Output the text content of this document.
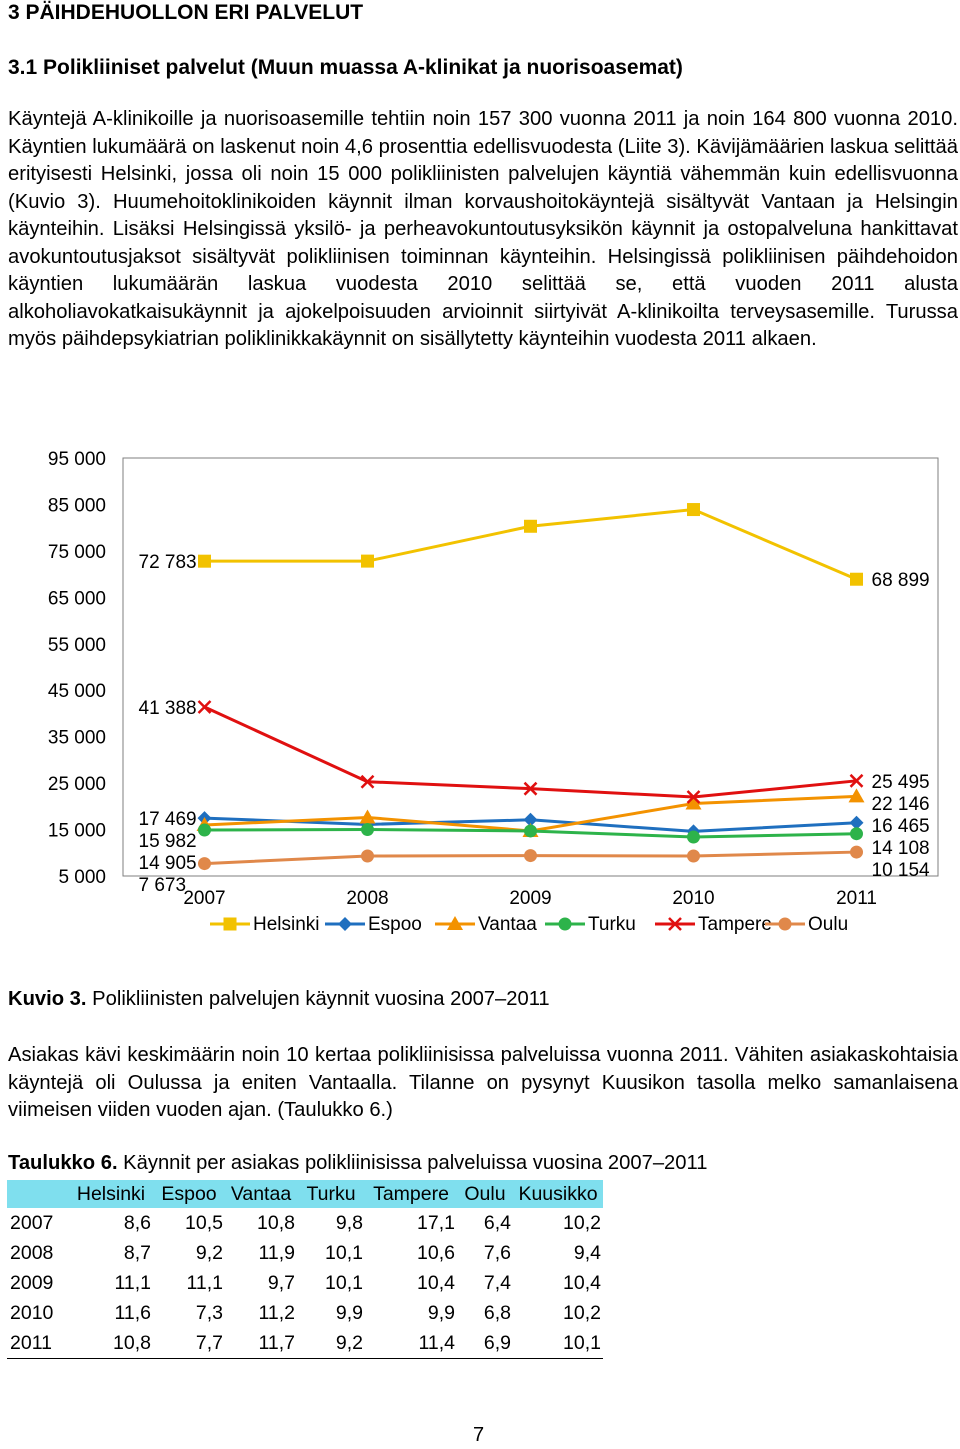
3 PÄIHDEHUOLLON ERI PALVELUT
3.1 Polikliiniset palvelut (Muun muassa A-klinikat ja nuorisoasemat)
Käyntejä A-klinikoille ja nuorisoasemille tehtiin noin 157 300 vuonna 2011 ja noin 164 800 vuonna 2010. Käyntien lukumäärä on laskenut noin 4,6 prosenttia edellisvuodesta (Liite 3). Kävijämäärien laskua selittää erityisesti Helsinki, jossa oli noin 15 000 polikliinisten palvelujen käyntiä vähemmän kuin edellisvuonna (Kuvio 3). Huumehoitoklinikoiden käynnit ilman korvaushoitokäyntejä sisältyvät Vantaan ja Helsingin käynteihin. Lisäksi Helsingissä yksilö- ja perheavokuntoutusyksikön käynnit ja ostopalveluna hankittavat avokuntoutusjaksot sisältyvät polikliinisen toiminnan käynteihin. Helsingissä polikliinisen päihdehoidon käyntien lukumäärän laskua vuodesta 2010 selittää se, että vuoden 2011 alusta alkoholiavokatkaisukäynnit ja ajokelpoisuuden arvioinnit siirtyivät A-klinikoilta terveysasemille. Turussa myös päihdepsykiatrian poliklinikkakäynnit on sisällytetty käynteihin vuodesta 2011 alkaen.
95 000
85 000
75 000
65 000
55 000
45 000
35 000
25 000
15 000
5 000
2007	2008	2009	2010	2011
72 783
41 388
17 469
15 982
14 905
7 673
68 899
25 495
22 146
16 465
14 108
10 154
Helsinki	Espoo	Vantaa	Turku	Tampere Oulu
Kuvio 3. Polikliinisten palvelujen käynnit vuosina 2007–2011
Asiakas kävi keskimäärin noin 10 kertaa polikliinisissa palveluissa vuonna 2011. Vähiten asiakaskohtaisia käyntejä oli Oulussa ja eniten Vantaalla. Tilanne on pysynyt Kuusikon tasolla melko samanlaisena viimeisen viiden vuoden ajan. (Taulukko 6.)
Taulukko 6. Käynnit per asiakas polikliinisissa palveluissa vuosina 2007–2011
	Helsinki	Espoo	Vantaa	Turku	Tampere	Oulu	Kuusikko
2007	8,6	10,5	10,8	9,8	17,1	6,4	10,2
2008	8,7	9,2	11,9	10,1	10,6	7,6	9,4
2009	11,1	11,1	9,7	10,1	10,4	7,4	10,4
2010	11,6	7,3	11,2	9,9	9,9	6,8	10,2
2011	10,8	7,7	11,7	9,2	11,4	6,9	10,1
7
